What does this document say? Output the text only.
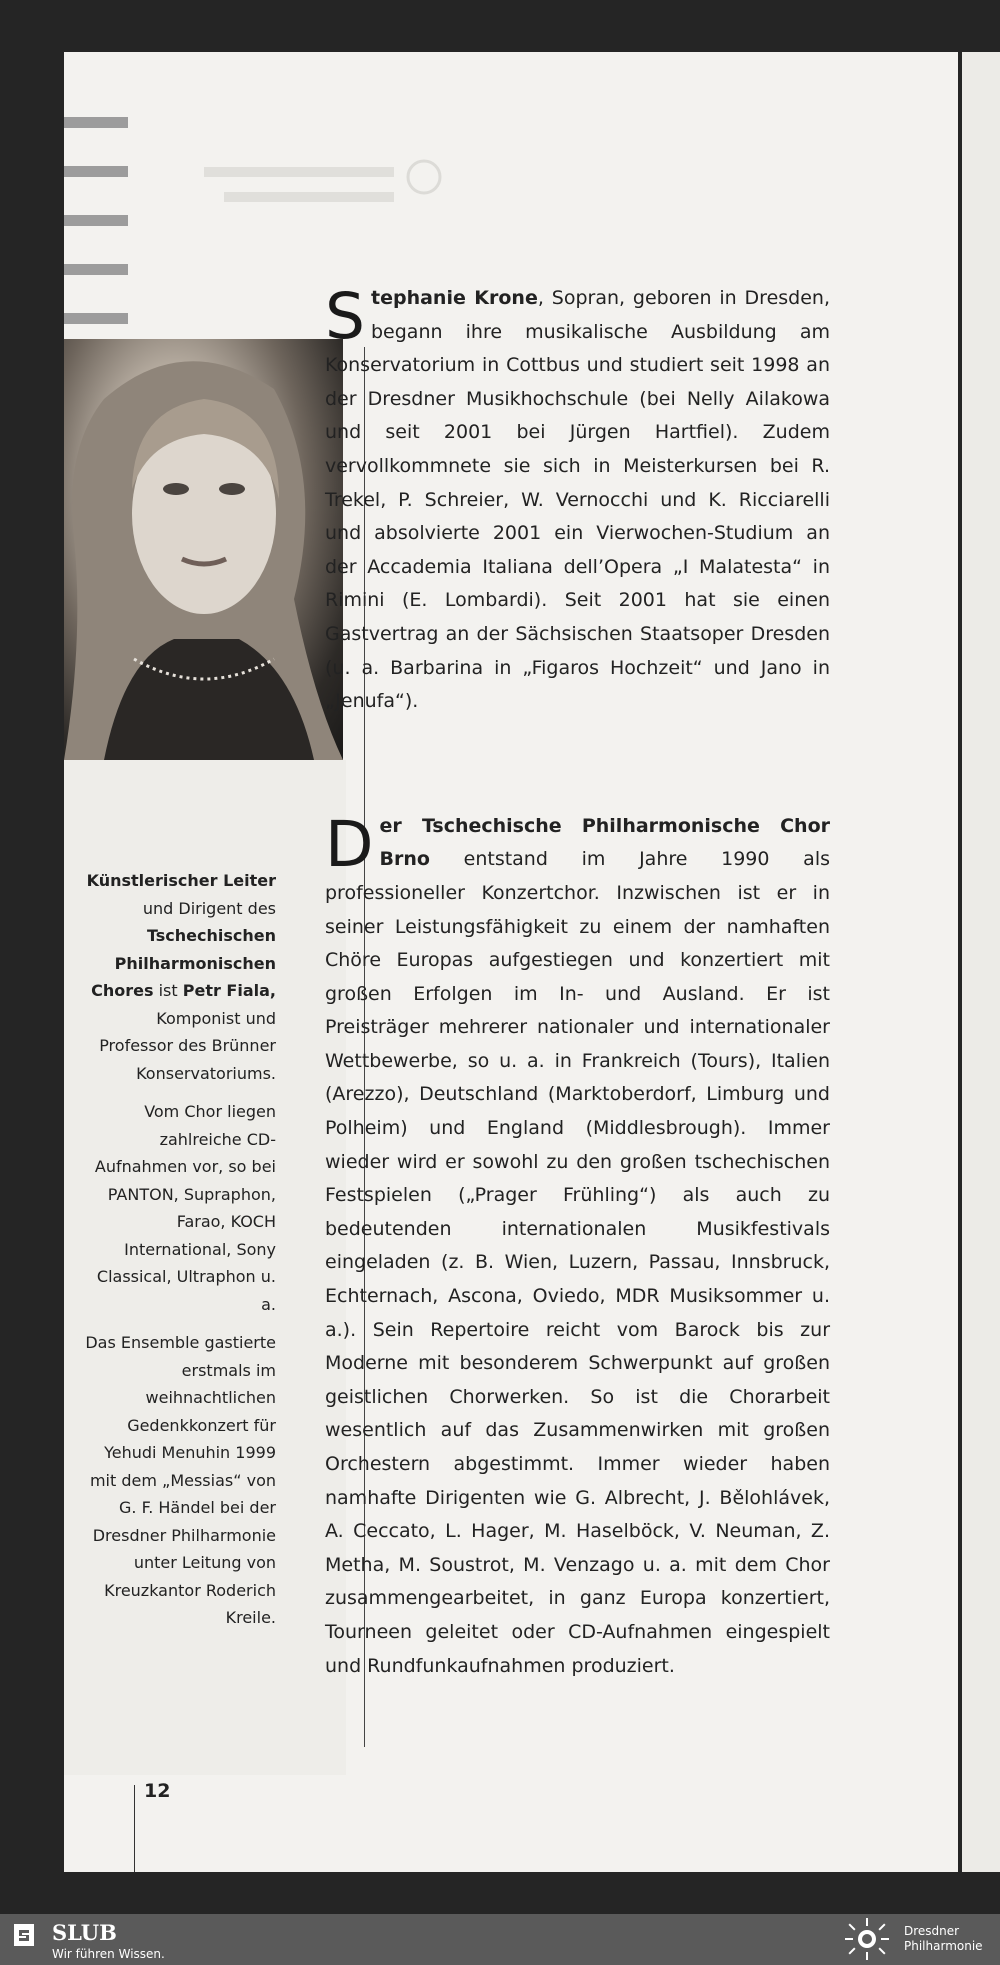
Stephanie Krone, Sopran, geboren in Dresden, begann ihre musikalische Ausbildung am Konservatorium in Cottbus und studiert seit 1998 an der Dresdner Musikhochschule (bei Nelly Ailakowa und seit 2001 bei Jürgen Hartfiel). Zudem vervollkommnete sie sich in Meisterkursen bei R. Trekel, P. Schreier, W. Vernocchi und K. Ricciarelli und absolvierte 2001 ein Vierwochen-Studium an der Accademia Italiana dell’Opera „I Malatesta“ in Rimini (E. Lombardi). Seit 2001 hat sie einen Gastvertrag an der Sächsischen Staatsoper Dresden (u. a. Barbarina in „Figaros Hochzeit“ und Jano in „Jenufa“).
Der Tschechische Philharmonische Chor Brno entstand im Jahre 1990 als professioneller Konzertchor. Inzwischen ist er in seiner Leistungsfähigkeit zu einem der namhaften Chöre Europas aufgestiegen und konzertiert mit großen Erfolgen im In- und Ausland. Er ist Preisträger mehrerer nationaler und internationaler Wettbewerbe, so u. a. in Frankreich (Tours), Italien (Arezzo), Deutschland (Marktoberdorf, Limburg und Polheim) und England (Middlesbrough). Immer wieder wird er sowohl zu den großen tschechischen Festspielen („Prager Frühling“) als auch zu bedeutenden internationalen Musikfestivals eingeladen (z. B. Wien, Luzern, Passau, Innsbruck, Echternach, Ascona, Oviedo, MDR Musiksommer u. a.). Sein Repertoire reicht vom Barock bis zur Moderne mit besonderem Schwerpunkt auf großen geistlichen Chorwerken. So ist die Chorarbeit wesentlich auf das Zusammenwirken mit großen Orchestern abgestimmt. Immer wieder haben namhafte Dirigenten wie G. Albrecht, J. Bělohlávek, A. Ceccato, L. Hager, M. Haselböck, V. Neuman, Z. Metha, M. Soustrot, M. Venzago u. a. mit dem Chor zusammengearbeitet, in ganz Europa konzertiert, Tourneen geleitet oder CD-Aufnahmen eingespielt und Rundfunkaufnahmen produziert.

Künstlerischer Leiter und Dirigent des Tschechischen Philharmonischen Chores ist Petr Fiala, Komponist und Professor des Brünner Konservatoriums.

Vom Chor liegen zahlreiche CD-Aufnahmen vor, so bei PANTON, Supraphon, Farao, KOCH International, Sony Classical, Ultraphon u. a.

Das Ensemble gastierte erstmals im weihnachtlichen Gedenkkonzert für Yehudi Menuhin 1999 mit dem „Messias“ von G. F. Händel bei der Dresdner Philharmonie unter Leitung von Kreuzkantor Roderich Kreile.

12
SLUB
Wir führen Wissen.
Dresdner
Philharmonie
